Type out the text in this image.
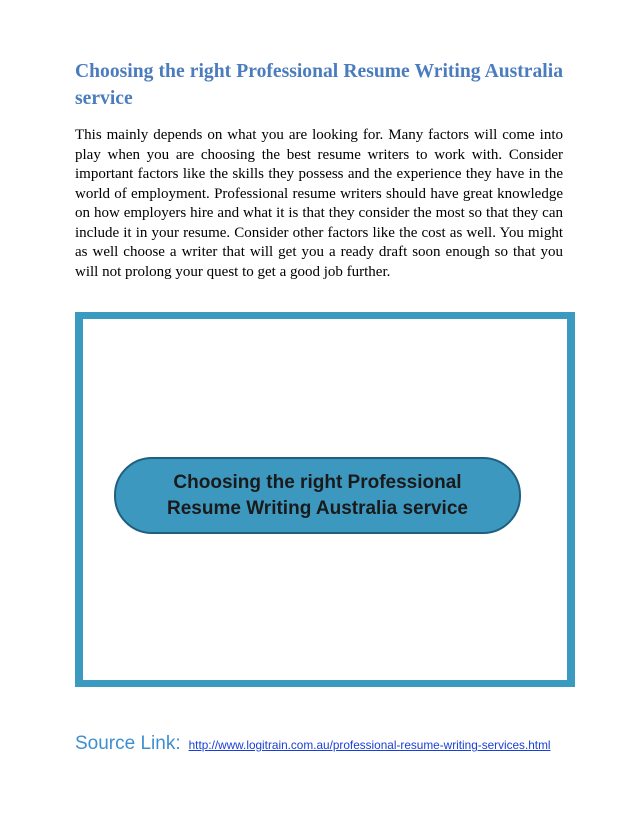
Choosing the right Professional Resume Writing Australia service

This mainly depends on what you are looking for. Many factors will come into play when you are choosing the best resume writers to work with. Consider important factors like the skills they possess and the experience they have in the world of employment. Professional resume writers should have great knowledge on how employers hire and what it is that they consider the most so that they can include it in your resume. Consider other factors like the cost as well. You might as well choose a writer that will get you a ready draft soon enough so that you will not prolong your quest to get a good job further.

Choosing the right Professional
Resume Writing Australia service
Source Link: http://www.logitrain.com.au/professional-resume-writing-services.html
